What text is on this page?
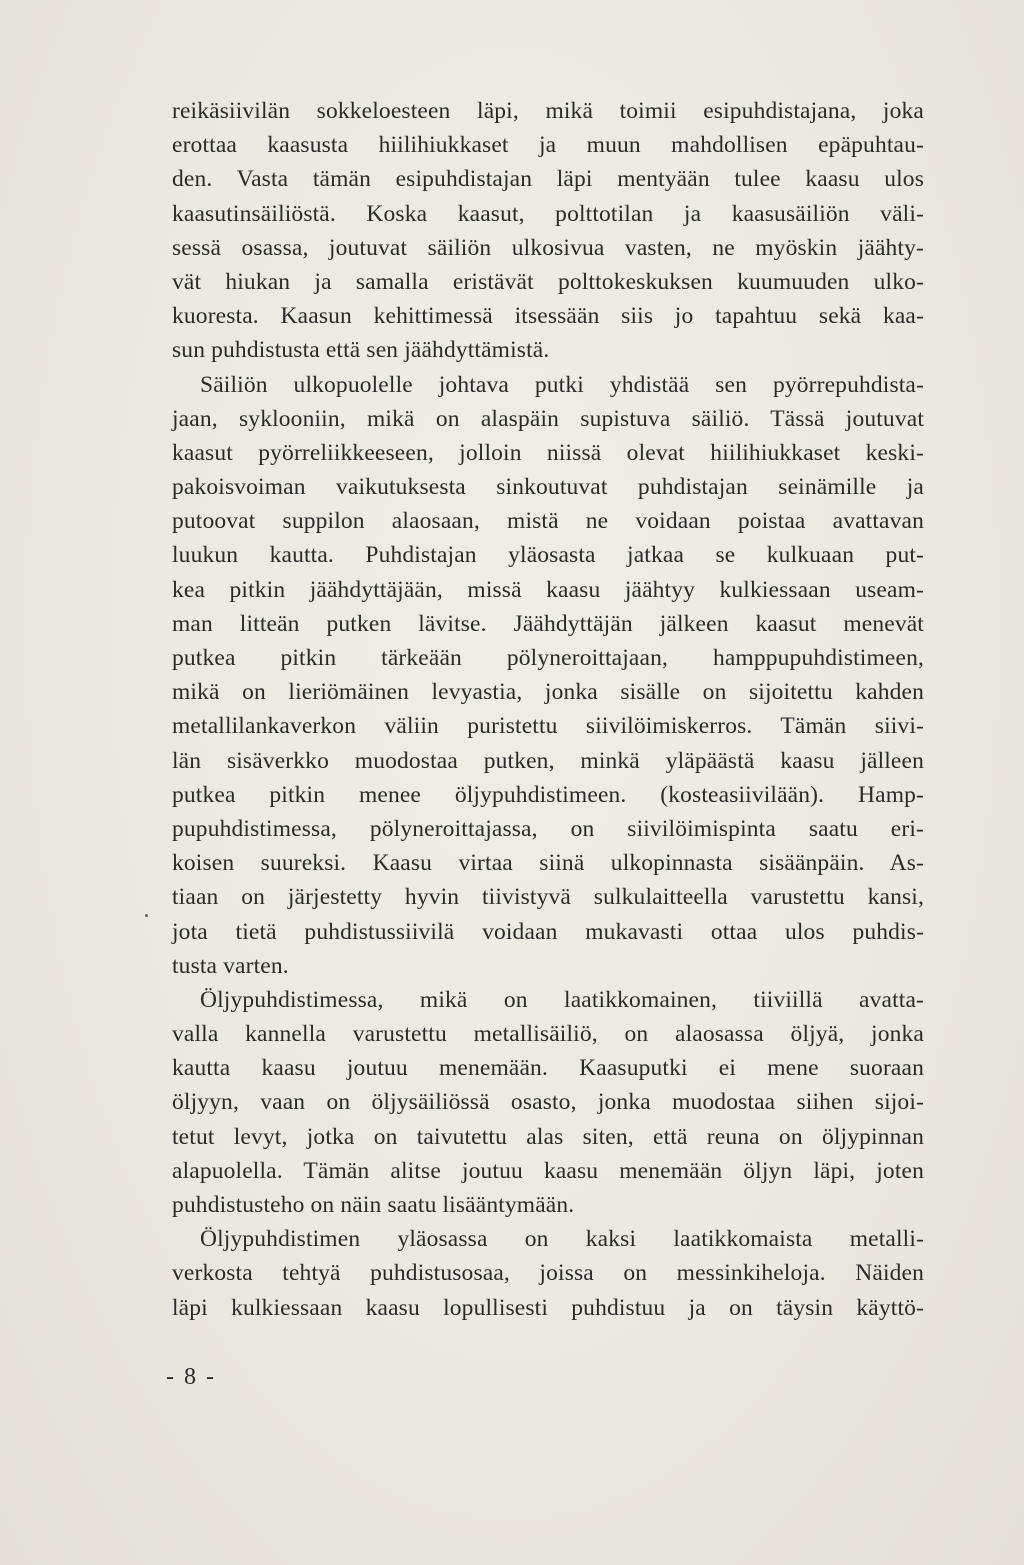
reikäsiivilän sokkeloesteen läpi, mikä toimii esipuhdistajana, joka
erottaa kaasusta hiilihiukkaset ja muun mahdollisen epäpuhtau-
den. Vasta tämän esipuhdistajan läpi mentyään tulee kaasu ulos
kaasutinsäiliöstä. Koska kaasut, polttotilan ja kaasusäiliön väli-
sessä osassa, joutuvat säiliön ulkosivua vasten, ne myöskin jäähty-
vät hiukan ja samalla eristävät polttokeskuksen kuumuuden ulko-
kuoresta. Kaasun kehittimessä itsessään siis jo tapahtuu sekä kaa-
sun puhdistusta että sen jäähdyttämistä.
Säiliön ulkopuolelle johtava putki yhdistää sen pyörrepuhdista-
jaan, syklooniin, mikä on alaspäin supistuva säiliö. Tässä joutuvat
kaasut pyörreliikkeeseen, jolloin niissä olevat hiilihiukkaset keski-
pakoisvoiman vaikutuksesta sinkoutuvat puhdistajan seinämille ja
putoovat suppilon alaosaan, mistä ne voidaan poistaa avattavan
luukun kautta. Puhdistajan yläosasta jatkaa se kulkuaan put-
kea pitkin jäähdyttäjään, missä kaasu jäähtyy kulkiessaan useam-
man litteän putken lävitse. Jäähdyttäjän jälkeen kaasut menevät
putkea pitkin tärkeään pölyneroittajaan, hamppupuhdistimeen,
mikä on lieriömäinen levyastia, jonka sisälle on sijoitettu kahden
metallilankaverkon väliin puristettu siivilöimiskerros. Tämän siivi-
län sisäverkko muodostaa putken, minkä yläpäästä kaasu jälleen
putkea pitkin menee öljypuhdistimeen. (kosteasiivilään). Hamp-
pupuhdistimessa, pölyneroittajassa, on siivilöimispinta saatu eri-
koisen suureksi. Kaasu virtaa siinä ulkopinnasta sisäänpäin. As-
tiaan on järjestetty hyvin tiivistyvä sulkulaitteella varustettu kansi,
jota tietä puhdistussiivilä voidaan mukavasti ottaa ulos puhdis-
tusta varten.
Öljypuhdistimessa, mikä on laatikkomainen, tiiviillä avatta-
valla kannella varustettu metallisäiliö, on alaosassa öljyä, jonka
kautta kaasu joutuu menemään. Kaasuputki ei mene suoraan
öljyyn, vaan on öljysäiliössä osasto, jonka muodostaa siihen sijoi-
tetut levyt, jotka on taivutettu alas siten, että reuna on öljypinnan
alapuolella. Tämän alitse joutuu kaasu menemään öljyn läpi, joten
puhdistusteho on näin saatu lisääntymään.
Öljypuhdistimen yläosassa on kaksi laatikkomaista metalli-
verkosta tehtyä puhdistusosaa, joissa on messinkiheloja. Näiden
läpi kulkiessaan kaasu lopullisesti puhdistuu ja on täysin käyttö-
- 8 -
